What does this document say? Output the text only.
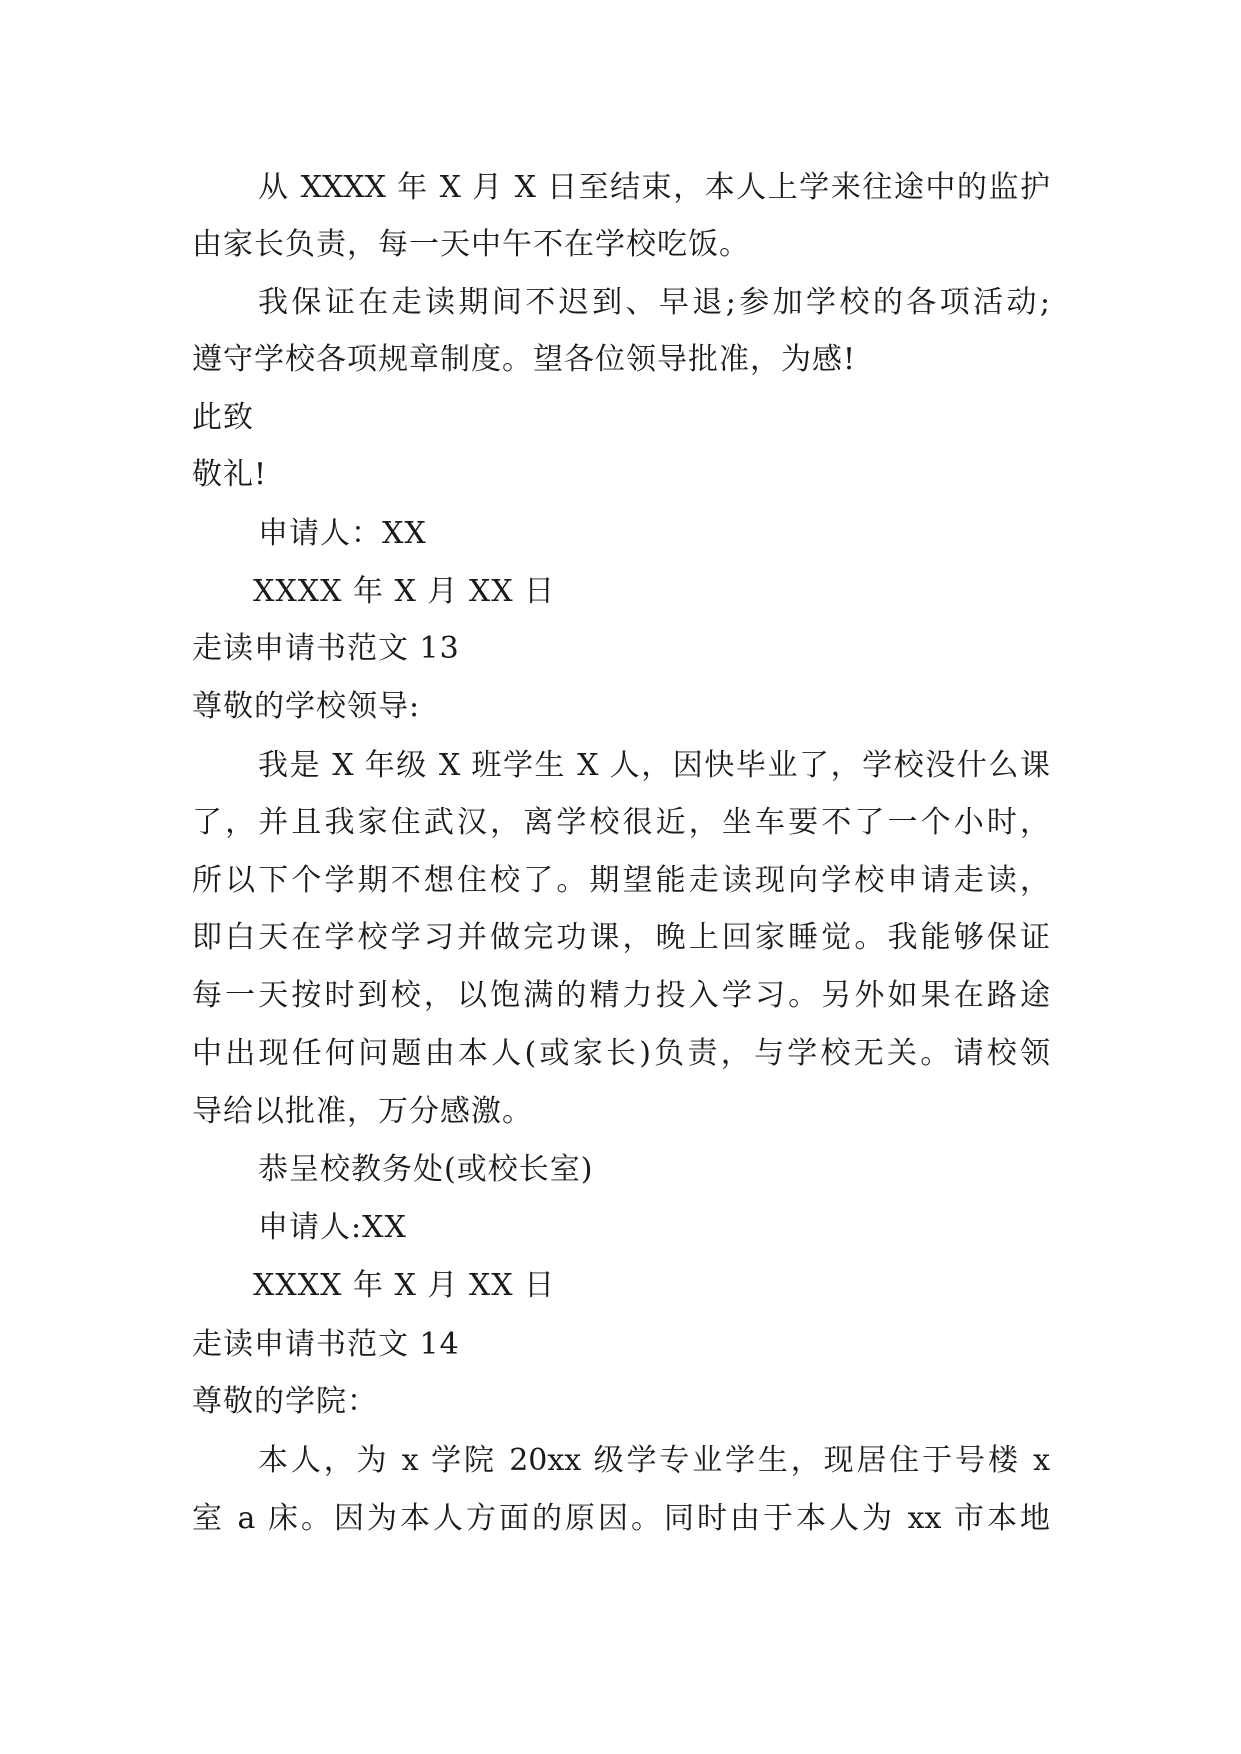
从 XXXX 年 X 月 X 日至结束，本人上学来往途中的监护
由家长负责，每一天中午不在学校吃饭。
我保证在走读期间不迟到、早退;参加学校的各项活动;
遵守学校各项规章制度。望各位领导批准，为感!
此致
敬礼!
申请人：XX
XXXX 年 X 月 XX 日
走读申请书范文 13
尊敬的学校领导:
我是 X 年级 X 班学生 X 人，因快毕业了，学校没什么课
了，并且我家住武汉，离学校很近，坐车要不了一个小时，
所以下个学期不想住校了。期望能走读现向学校申请走读，
即白天在学校学习并做完功课，晚上回家睡觉。我能够保证
每一天按时到校，以饱满的精力投入学习。另外如果在路途
中出现任何问题由本人(或家长)负责，与学校无关。请校领
导给以批准，万分感激。
恭呈校教务处(或校长室)
申请人:XX
XXXX 年 X 月 XX 日
走读申请书范文 14
尊敬的学院：
本人，为 x 学院 20xx 级学专业学生，现居住于号楼 x
室 a 床。因为本人方面的原因。同时由于本人为 xx 市本地
